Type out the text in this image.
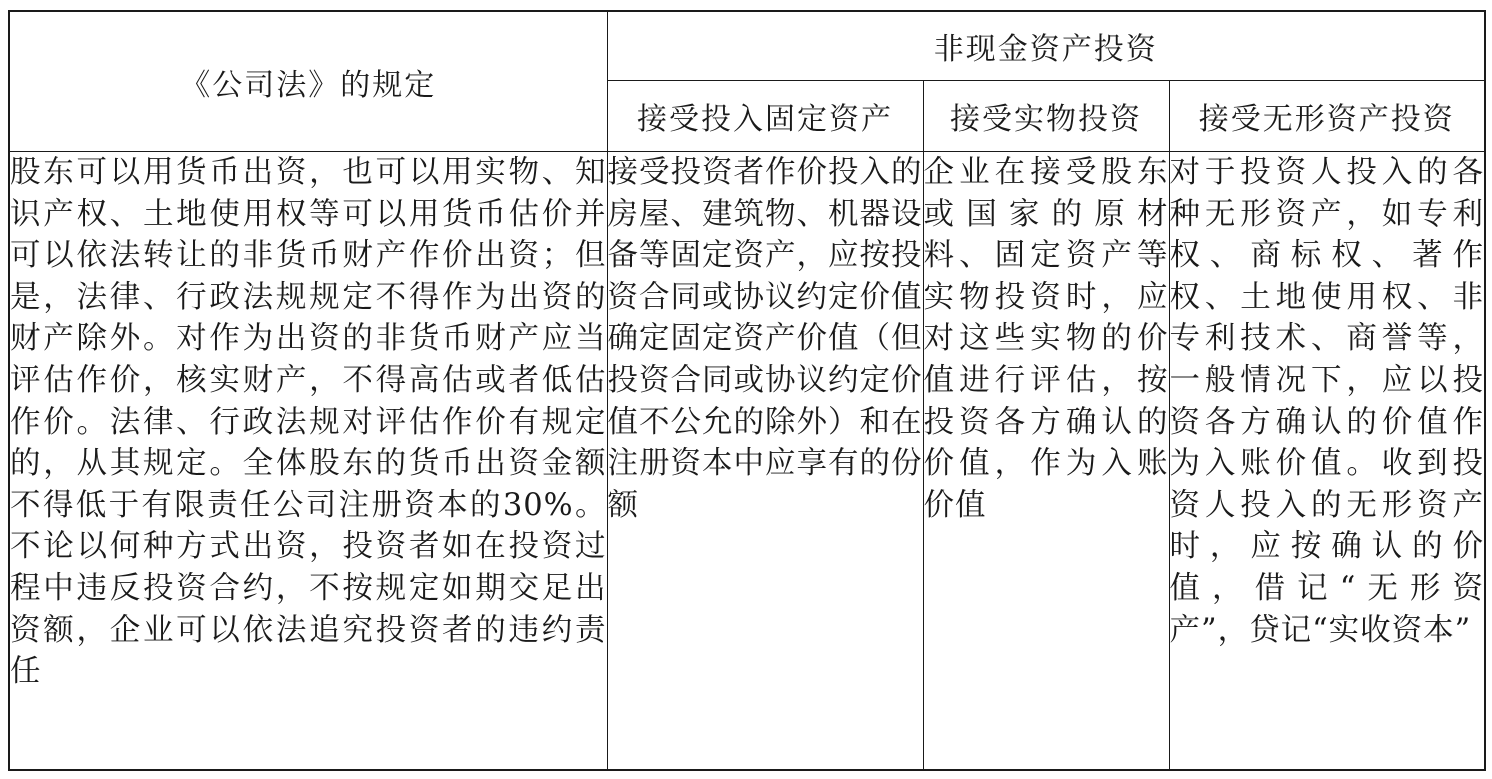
《公司法》的规定	非现金资产投资		
	接受投入固定资产	接受实物投资	接受无形资产投资
股东可以用货币出资，也可以用实物、知识产权、土地使用权等可以用货币估价并可以依法转让的非货币财产作价出资；但是，法律、行政法规规定不得作为出资的财产除外。对作为出资的非货币财产应当评估作价，核实财产，不得高估或者低估作价。法律、行政法规对评估作价有规定的，从其规定。全体股东的货币出资金额不得低于有限责任公司注册资本的30%。不论以何种方式出资，投资者如在投资过程中违反投资合约，不按规定如期交足出资额，企业可以依法追究投资者的违约责任	接受投资者作价投入的房屋、建筑物、机器设备等固定资产，应按投资合同或协议约定价值确定固定资产价值（但投资合同或协议约定价值不公允的除外）和在注册资本中应享有的份额	企业在接受股东或国家的原材料、固定资产等实物投资时，应对这些实物的价值进行评估，按投资各方确认的价值，作为入账价值	对于投资人投入的各种无形资产，如专利权、商标权、著作权、土地使用权、非专利技术、商誉等，一般情况下，应以投资各方确认的价值作为入账价值。收到投资人投入的无形资产时，应按确认的价值，借记“无形资产”，贷记“实收资本”
